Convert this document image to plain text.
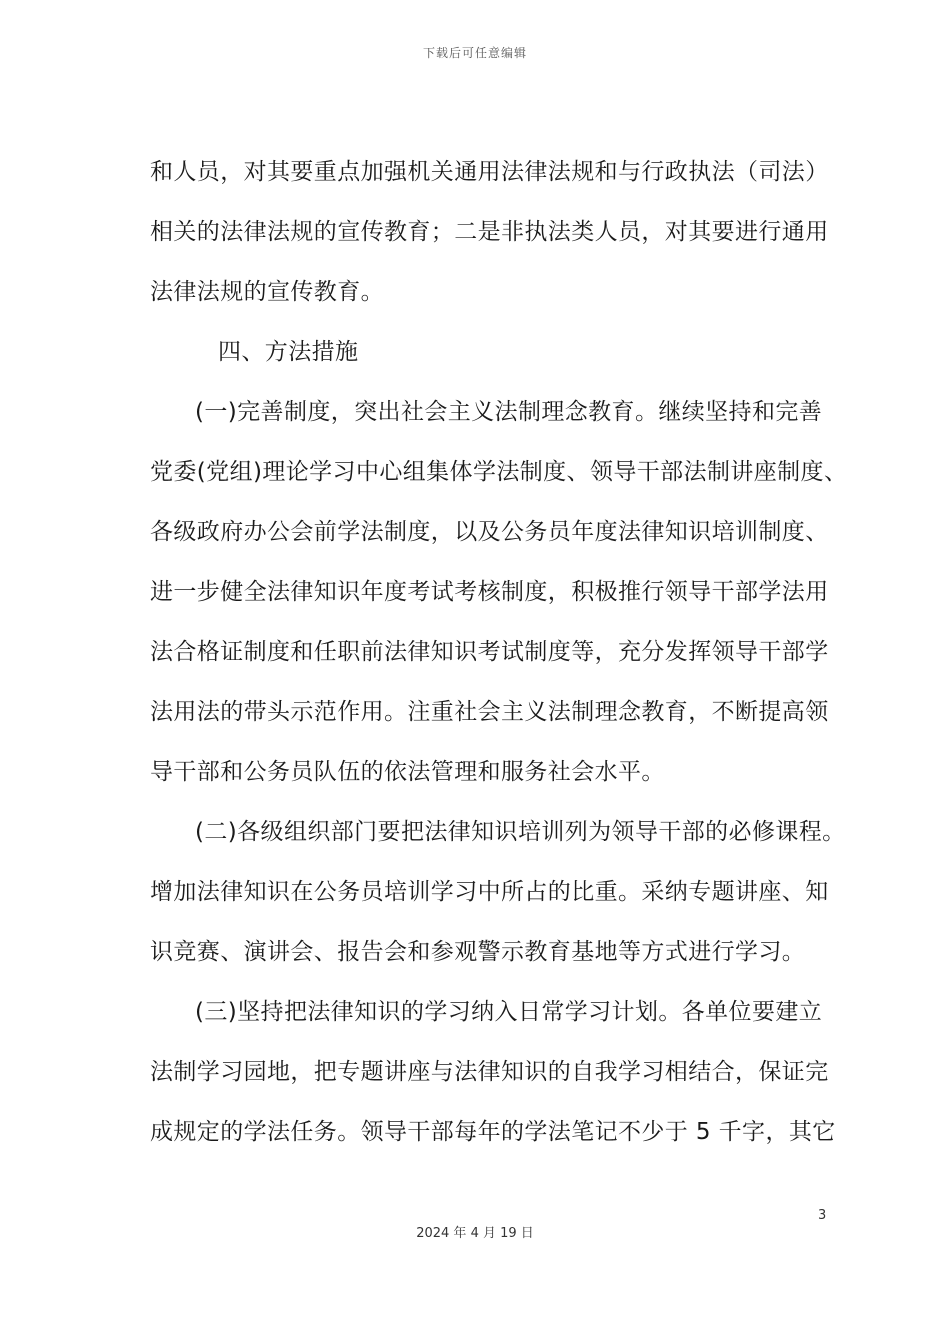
下载后可任意编辑
和人员，对其要重点加强机关通用法律法规和与行政执法（司法）
相关的法律法规的宣传教育；二是非执法类人员，对其要进行通用
法律法规的宣传教育。
四、方法措施
(一)完善制度，突出社会主义法制理念教育。继续坚持和完善
党委(党组)理论学习中心组集体学法制度、领导干部法制讲座制度、
各级政府办公会前学法制度，以及公务员年度法律知识培训制度、
进一步健全法律知识年度考试考核制度，积极推行领导干部学法用
法合格证制度和任职前法律知识考试制度等，充分发挥领导干部学
法用法的带头示范作用。注重社会主义法制理念教育，不断提高领
导干部和公务员队伍的依法管理和服务社会水平。
(二)各级组织部门要把法律知识培训列为领导干部的必修课程。
增加法律知识在公务员培训学习中所占的比重。采纳专题讲座、知
识竞赛、演讲会、报告会和参观警示教育基地等方式进行学习。
(三)坚持把法律知识的学习纳入日常学习计划。各单位要建立
法制学习园地，把专题讲座与法律知识的自我学习相结合，保证完
成规定的学法任务。领导干部每年的学法笔记不少于 5 千字，其它
3
2024 年 4 月 19 日
